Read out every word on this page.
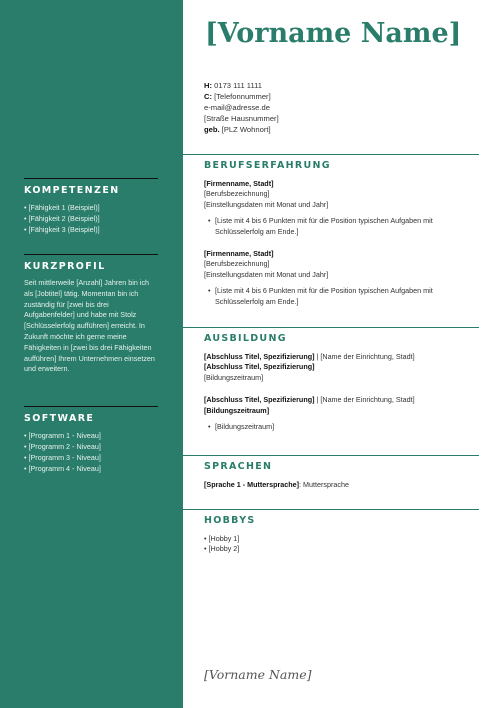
KOMPETENZEN
• [Fähigkeit 1 (Beispiel)]
• [Fähigkeit 2 (Beispiel)]
• [Fähigkeit 3 (Beispiel)]
KURZPROFIL

Seit mittlerweile [Anzahl] Jahren bin ich als [Jobtitel] tätig. Momentan bin ich zuständig für [zwei bis drei Aufgabenfelder] und habe mit Stolz [Schlüsselerfolg aufführen] erreicht. In Zukunft möchte ich gerne meine Fähigkeiten in [zwei bis drei Fähigkeiten aufführen] Ihrem Unternehmen einsetzen und erweitern.

SOFTWARE
• [Programm 1 - Niveau]
• [Programm 2 - Niveau]
• [Programm 3 - Niveau]
• [Programm 4 - Niveau]
[Vorname Name]
H: 0173 111 1111
C: [Telefonnummer]
e-mail@adresse.de
[Straße Hausnummer]
geb. [PLZ Wohnort]
BERUFSERFAHRUNG
[Firmenname, Stadt]
[Berufsbezeichnung]
[Einstellungsdaten mit Monat und Jahr]
• [Liste mit 4 bis 6 Punkten mit für die Position typischen Aufgaben mit Schlüsselerfolg am Ende.]
[Firmenname, Stadt]
[Berufsbezeichnung]
[Einstellungsdaten mit Monat und Jahr]
• [Liste mit 4 bis 6 Punkten mit für die Position typischen Aufgaben mit Schlüsselerfolg am Ende.]
AUSBILDUNG
[Abschluss Titel, Spezifizierung] | [Name der Einrichtung, Stadt]
[Abschluss Titel, Spezifizierung]
[Bildungszeitraum]
[Abschluss Titel, Spezifizierung] | [Name der Einrichtung, Stadt]
[Bildungszeitraum]
• [Bildungszeitraum]
SPRACHEN
[Sprache 1 - Muttersprache]: Muttersprache
HOBBYS
• [Hobby 1]
• [Hobby 2]
[Vorname Name]
